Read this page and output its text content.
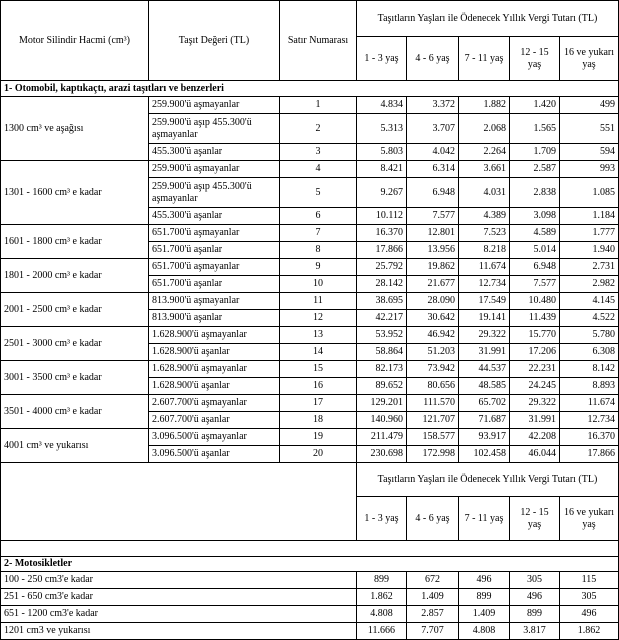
Motor Silindir Hacmi (cm³)	Taşıt Değeri (TL)	Satır Numarası	Taşıtların Yaşları ile Ödenecek Yıllık Vergi Tutarı (TL)				
			1 - 3 yaş	4 - 6 yaş	7 - 11 yaş	12 - 15 yaş	16 ve yukarı yaş
1- Otomobil, kaptıkaçtı, arazi taşıtları ve benzerleri							
1300 cm³ ve aşağısı	259.900'ü aşmayanlar	1	4.834	3.372	1.882	1.420	499
	259.900'ü aşıp 455.300'ü aşmayanlar	2	5.313	3.707	2.068	1.565	551
	455.300'ü aşanlar	3	5.803	4.042	2.264	1.709	594
1301 - 1600 cm³ e kadar	259.900'ü aşmayanlar	4	8.421	6.314	3.661	2.587	993
	259.900'ü aşıp 455.300'ü aşmayanlar	5	9.267	6.948	4.031	2.838	1.085
	455.300'ü aşanlar	6	10.112	7.577	4.389	3.098	1.184
1601 - 1800 cm³ e kadar	651.700'ü aşmayanlar	7	16.370	12.801	7.523	4.589	1.777
	651.700'ü aşanlar	8	17.866	13.956	8.218	5.014	1.940
1801 - 2000 cm³ e kadar	651.700'ü aşmayanlar	9	25.792	19.862	11.674	6.948	2.731
	651.700'ü aşanlar	10	28.142	21.677	12.734	7.577	2.982
2001 - 2500 cm³ e kadar	813.900'ü aşmayanlar	11	38.695	28.090	17.549	10.480	4.145
	813.900'ü aşanlar	12	42.217	30.642	19.141	11.439	4.522
2501 - 3000 cm³ e kadar	1.628.900'ü aşmayanlar	13	53.952	46.942	29.322	15.770	5.780
	1.628.900'ü aşanlar	14	58.864	51.203	31.991	17.206	6.308
3001 - 3500 cm³ e kadar	1.628.900'ü aşmayanlar	15	82.173	73.942	44.537	22.231	8.142
	1.628.900'ü aşanlar	16	89.652	80.656	48.585	24.245	8.893
3501 - 4000 cm³ e kadar	2.607.700'ü aşmayanlar	17	129.201	111.570	65.702	29.322	11.674
	2.607.700'ü aşanlar	18	140.960	121.707	71.687	31.991	12.734
4001 cm³ ve yukarısı	3.096.500'ü aşmayanlar	19	211.479	158.577	93.917	42.208	16.370
	3.096.500'ü aşanlar	20	230.698	172.998	102.458	46.044	17.866
			Taşıtların Yaşları ile Ödenecek Yıllık Vergi Tutarı (TL)				
			1 - 3 yaş	4 - 6 yaş	7 - 11 yaş	12 - 15 yaş	16 ve yukarı yaş

2- Motosikletler							
100 - 250 cm3'e kadar			899	672	496	305	115
251 - 650 cm3'e kadar			1.862	1.409	899	496	305
651 - 1200 cm3'e kadar			4.808	2.857	1.409	899	496
1201 cm3 ve yukarısı			11.666	7.707	4.808	3.817	1.862
